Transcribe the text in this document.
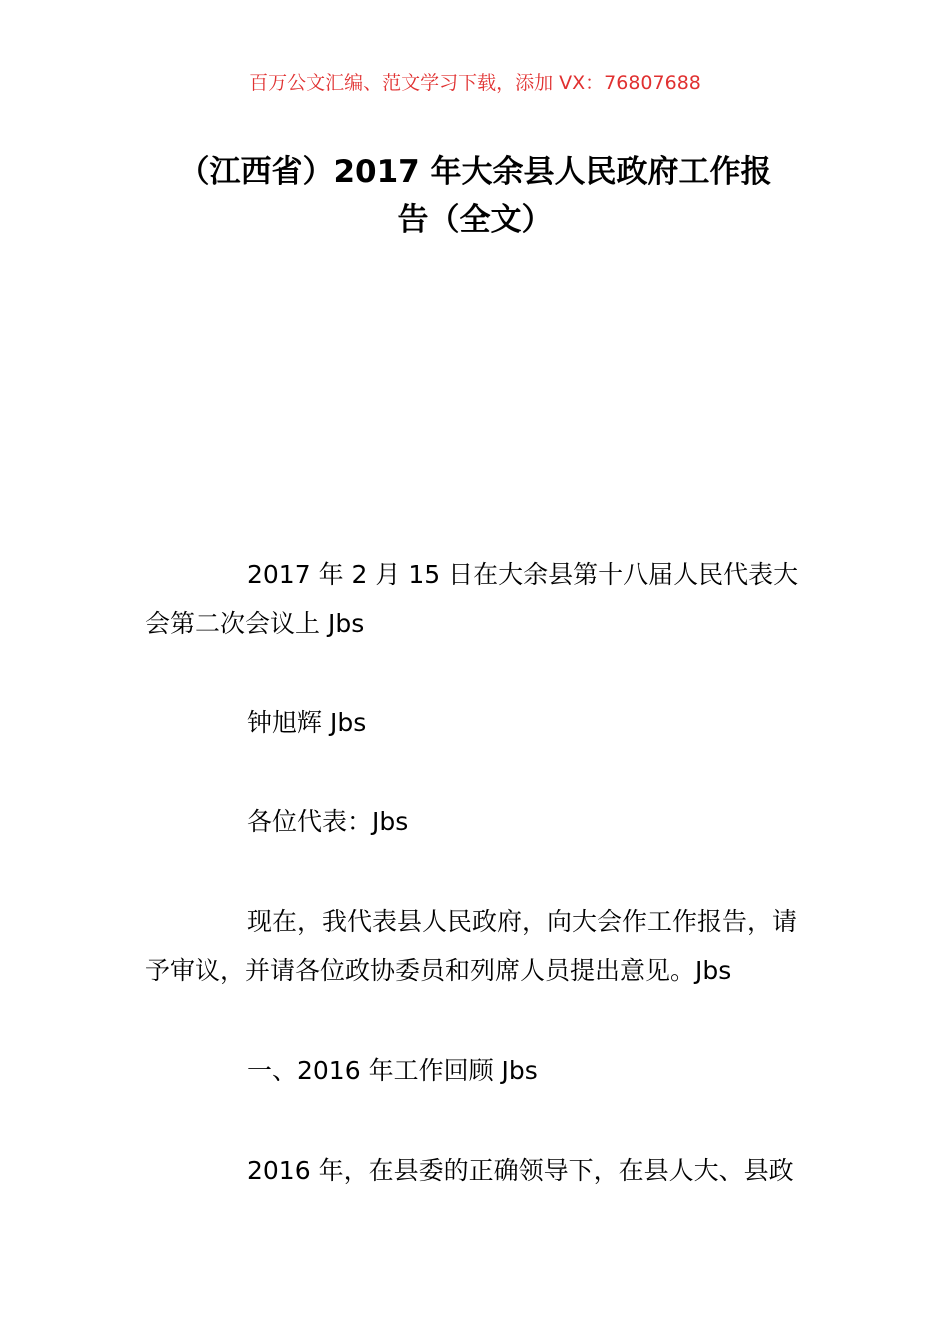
百万公文汇编、范文学习下载，添加 VX：76807688
（江西省）2017 年大余县人民政府工作报
告（全文）
2017 年 2 月 15 日在大余县第十八届人民代表大会第二次会议上 Jbs
钟旭辉 Jbs
各位代表：Jbs
现在，我代表县人民政府，向大会作工作报告，请予审议，并请各位政协委员和列席人员提出意见。Jbs
一、2016 年工作回顾 Jbs
2016 年，在县委的正确领导下，在县人大、县政
